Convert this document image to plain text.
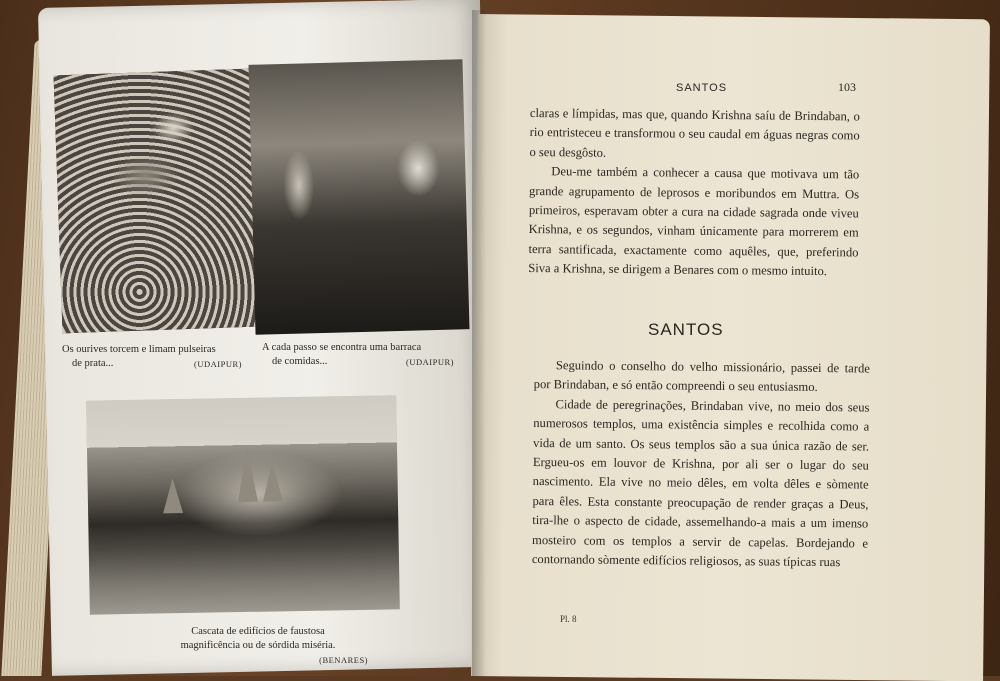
Os ourives torcem e limam pulseiras
de prata...	(UDAIPUR)
A cada passo se encontra uma barraca
de comidas...	(UDAIPUR)
Cascata de edifícios de faustosa
magnificência ou de sórdida miséria.
(BENARES)
SANTOS	103

claras e límpidas, mas que, quando Krishna saíu de Brindaban, o rio entristeceu e transformou o seu caudal em águas negras como o seu desgôsto.

Deu-me também a conhecer a causa que motivava um tão grande agrupamento de leprosos e moribundos em Muttra. Os primeiros, esperavam obter a cura na cidade sagrada onde viveu Krishna, e os segundos, vinham únicamente para morrerem em terra santificada, exactamente como aquêles, que, preferindo Siva a Krishna, se dirigem a Benares com o mesmo intuito.

SANTOS

Seguindo o conselho do velho missionário, passei de tarde por Brindaban, e só então compreendi o seu entusiasmo.

Cidade de peregrinações, Brindaban vive, no meio dos seus numerosos templos, uma existência simples e recolhida como a vida de um santo. Os seus templos são a sua única razão de ser. Ergueu-os em louvor de Krishna, por ali ser o lugar do seu nascimento. Ela vive no meio dêles, em volta dêles e sòmente para êles. Esta constante preocupação de render graças a Deus, tira-lhe o aspecto de cidade, assemelhando-a mais a um imenso mosteiro com os templos a servir de capelas. Bordejando e contornando sòmente edifícios religiosos, as suas típicas ruas

Pl. 8
